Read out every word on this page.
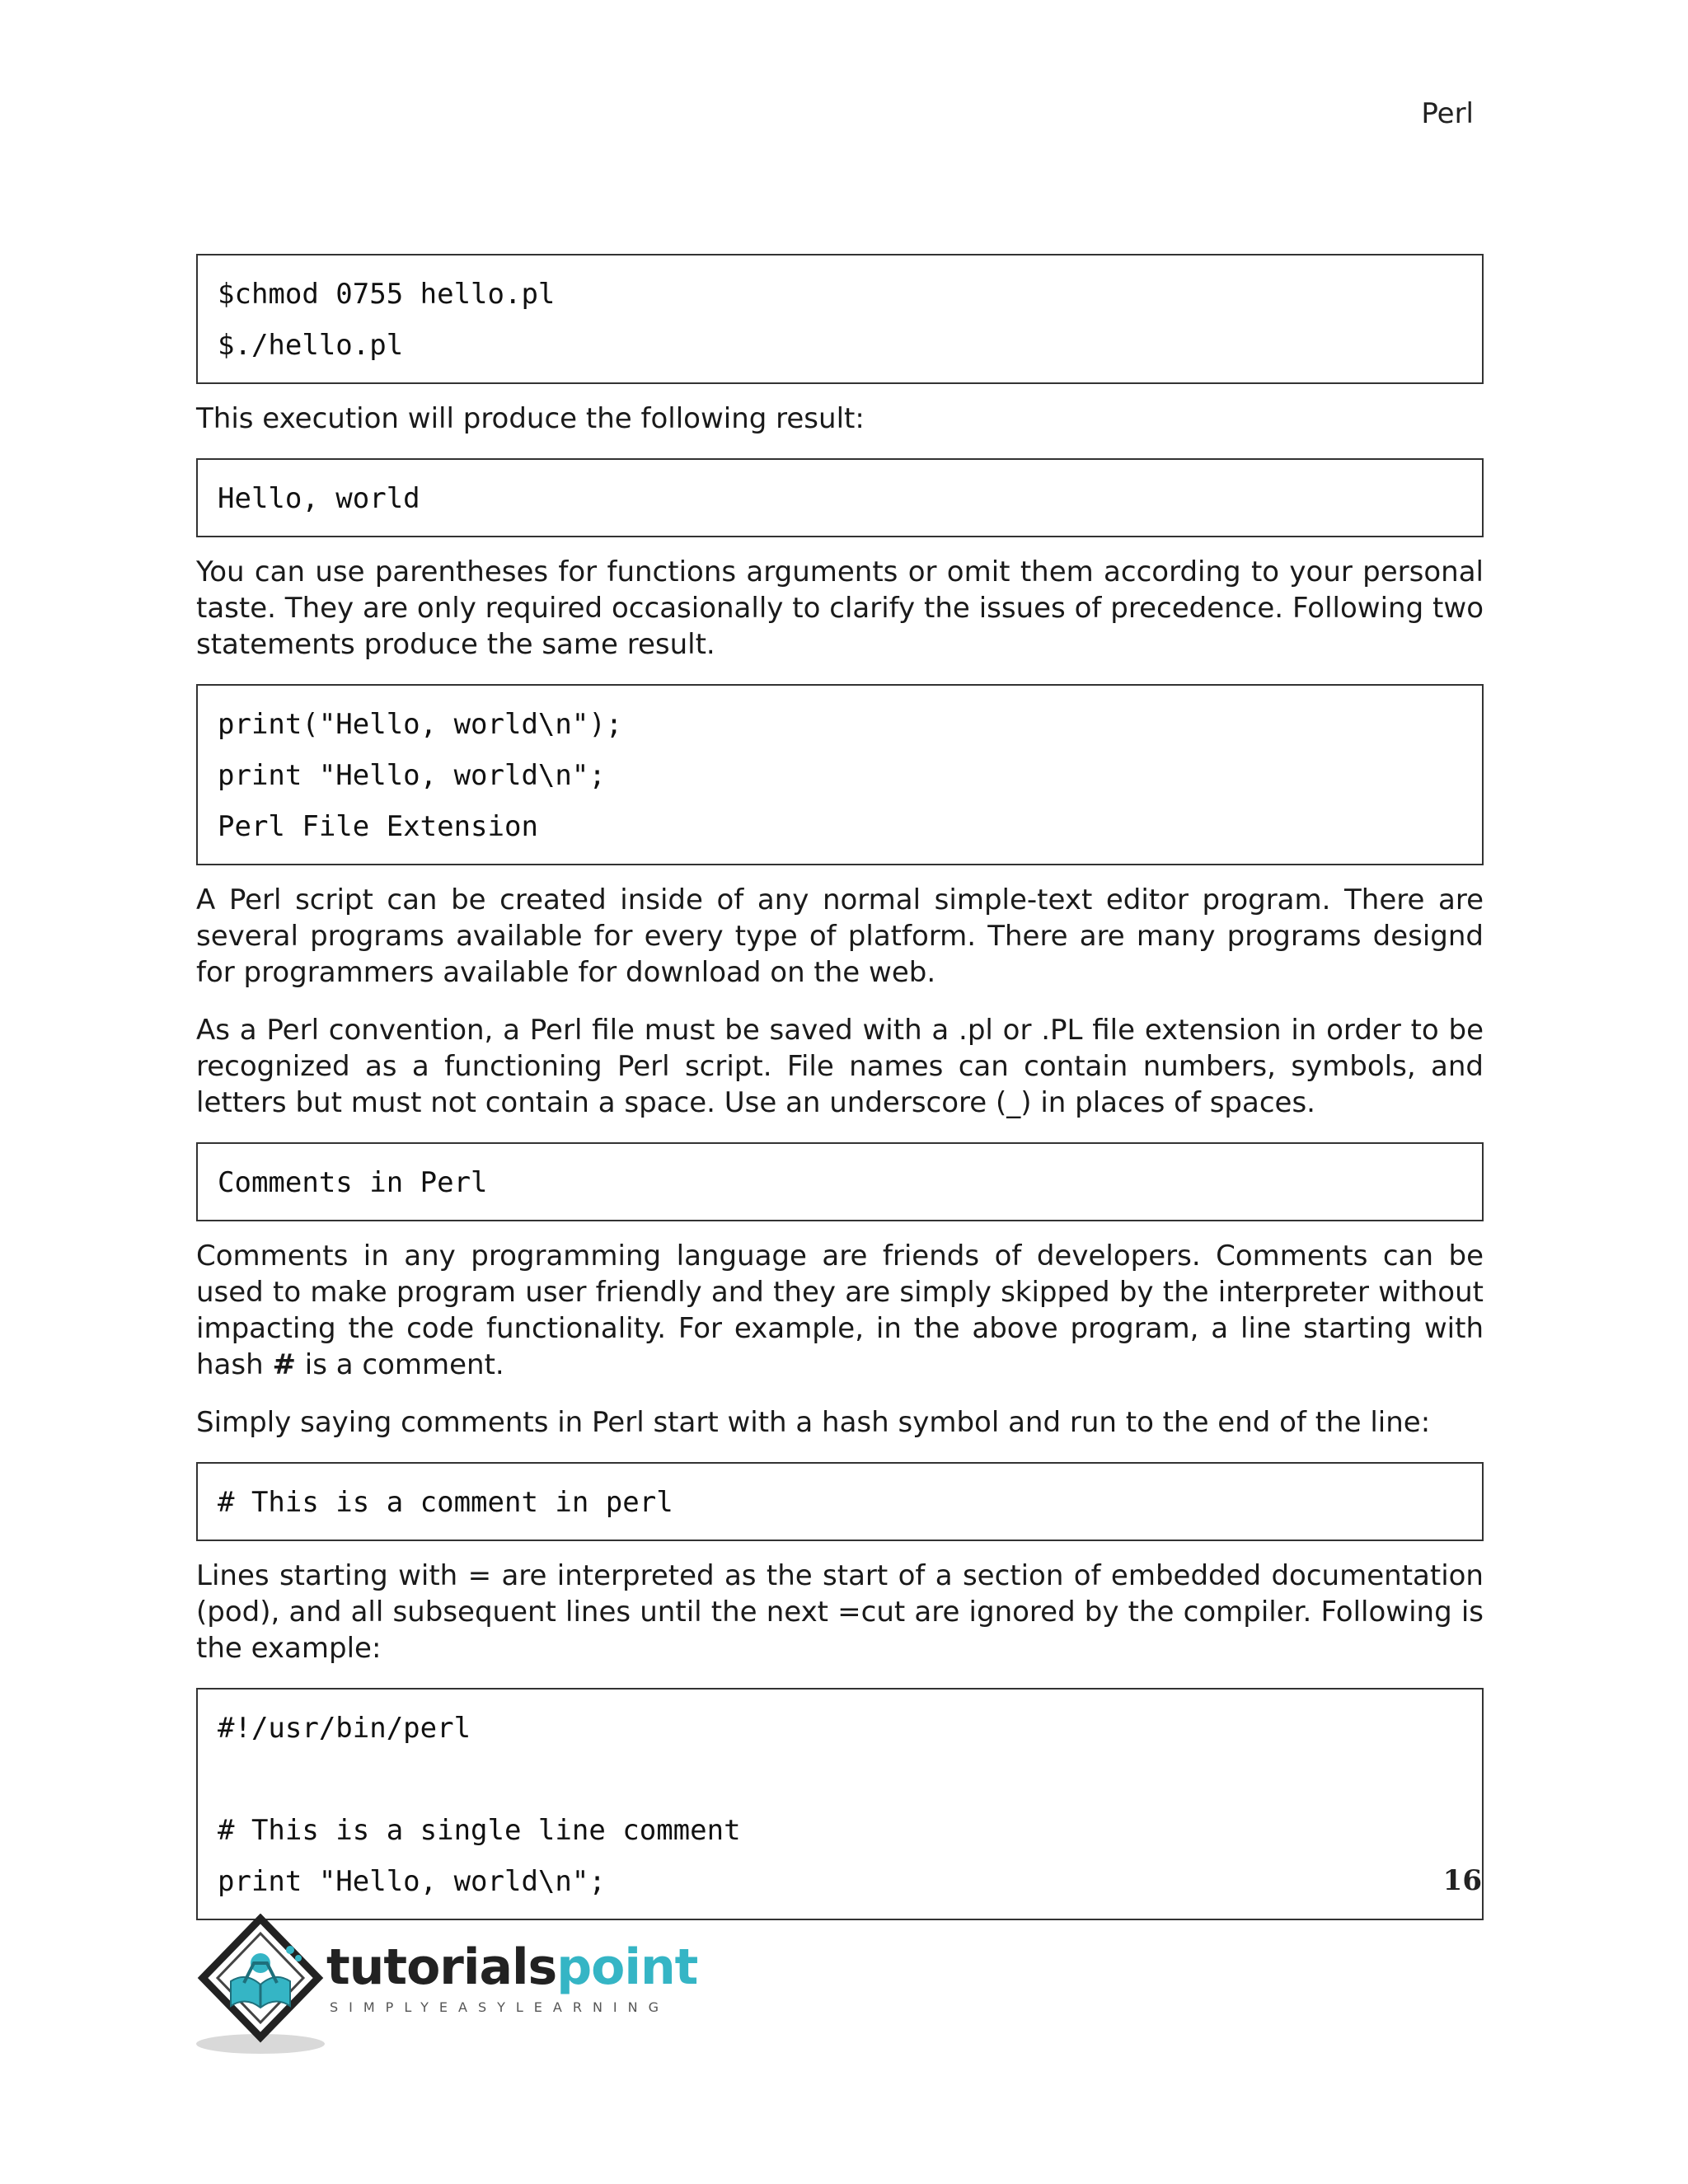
Perl
$chmod 0755 hello.pl
$./hello.pl

This execution will produce the following result:

Hello, world

You can use parentheses for functions arguments or omit them according to your personal taste. They are only required occasionally to clarify the issues of precedence. Following two statements produce the same result.

print("Hello, world\n");
print "Hello, world\n";
Perl File Extension

A Perl script can be created inside of any normal simple-text editor program. There are several programs available for every type of platform. There are many programs designd for programmers available for download on the web.

As a Perl convention, a Perl file must be saved with a .pl or .PL file extension in order to be recognized as a functioning Perl script. File names can contain numbers, symbols, and letters but must not contain a space. Use an underscore (_) in places of spaces.

Comments in Perl

Comments in any programming language are friends of developers. Comments can be used to make program user friendly and they are simply skipped by the interpreter without impacting the code functionality. For example, in the above program, a line starting with hash # is a comment.

Simply saying comments in Perl start with a hash symbol and run to the end of the line:

# This is a comment in perl

Lines starting with = are interpreted as the start of a section of embedded documentation (pod), and all subsequent lines until the next =cut are ignored by the compiler. Following is the example:

#!/usr/bin/perl
# This is a single line comment
print "Hello, world\n";	16
tutorialspoint
SIMPLYEASYLEARNING
